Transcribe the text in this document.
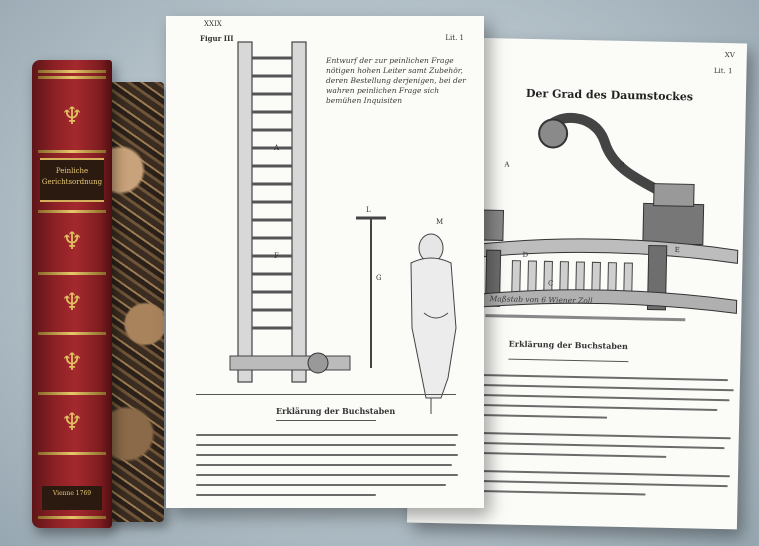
♆
Peinliche Gerichtsordnung
♆
♆
♆
♆
Vienne 1769
XV
Lit. 1
Der Grad des Daumstockes
A	B
C
D
E
Maßstab von 6 Wiener Zoll
Erklärung der Buchstaben
XXIX
Figur III	Lit. 1
Entwurf der zur peinlichen Frage nötigen hohen Leiter samt Zubehör, deren Bestellung derjenigen, bei der wahren peinlichen Frage sich bemühen Inquisiten
A
F
L
G
M
Erklärung der Buchstaben
